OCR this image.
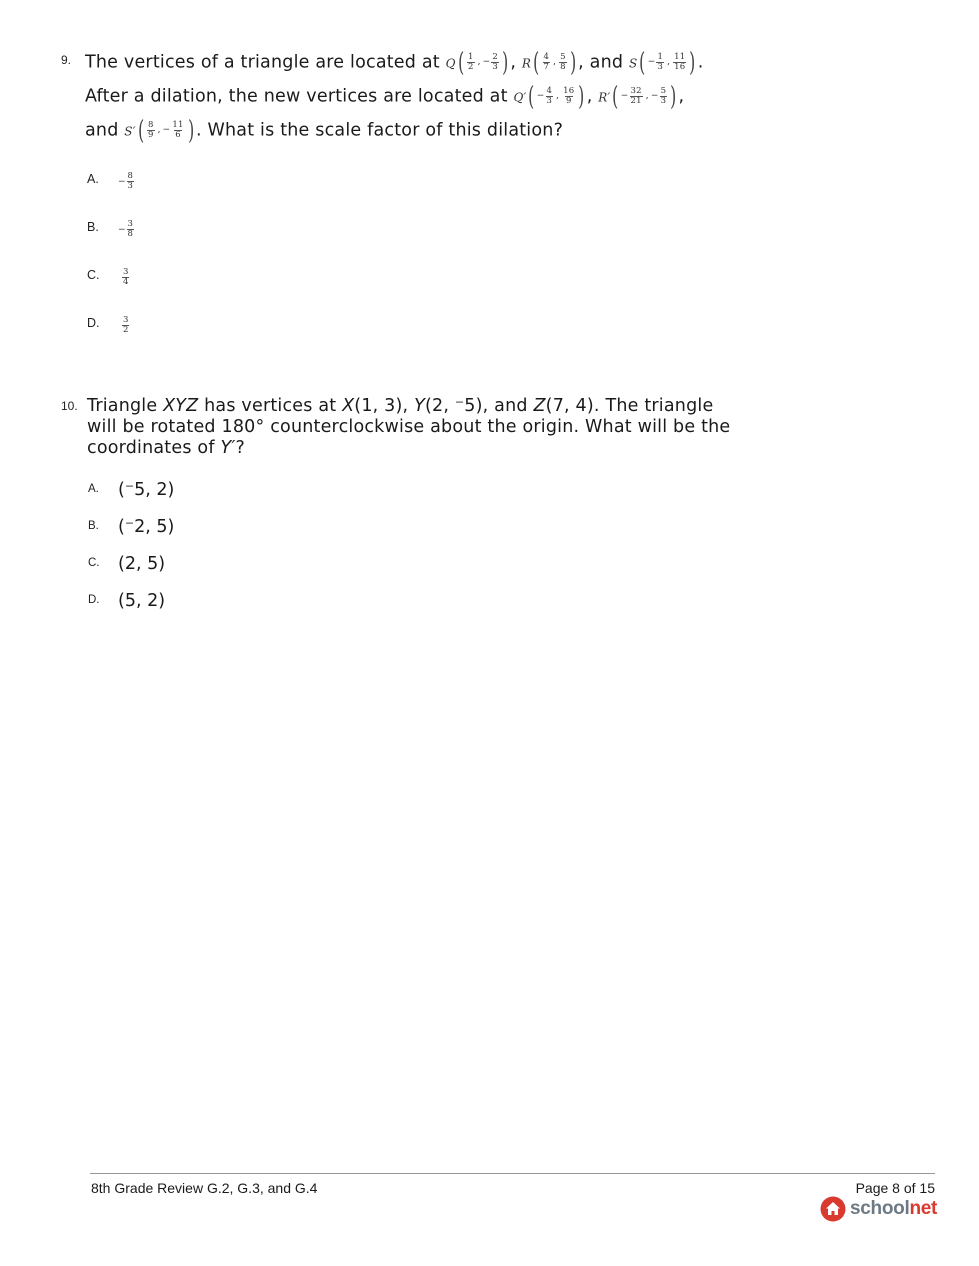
9. The vertices of a triangle are located at $Q( \frac{1}{2}$ , − $\frac{2}{3}$ ) , $R( \frac{4}{7}$ , $\frac{5}{8}$ ) , and $S( - \frac{1}{3}$ , $\frac{11}{16}$ ) .
After a dilation, the new vertices are located at $Q'( - \frac{4}{3}$ , $\frac{16}{9}$ ) , $R'( - \frac{32}{21}$ , − $\frac{5}{3}$ ) ,
and $S'( \frac{8}{9}$ , − $\frac{11}{6}$ ) . What is the scale factor of this dilation?
A. − $\frac{8}{3}$
B. − $\frac{3}{8}$
C.	$\frac{3}{4}$
D.	$\frac{3}{2}$
10. Triangle XYZ has vertices at X(1, 3), Y(2, ⁻5), and Z(7, 4). The triangle
will be rotated 180° counterclockwise about the origin. What will be the
coordinates of Y′?
A. (⁻5, 2)
B. (⁻2, 5)
C. (2, 5)
D. (5, 2)
8th Grade Review G.2, G.3, and G.4	Page 8 of 15
schoolnet
